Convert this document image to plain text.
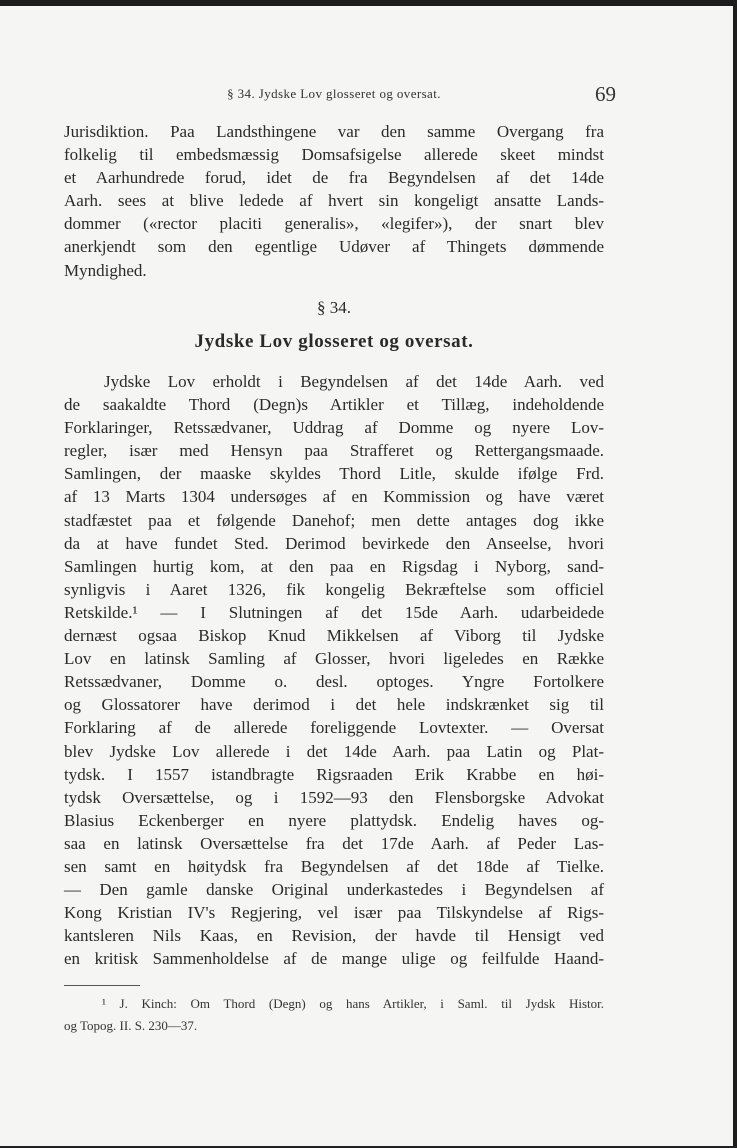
§ 34. Jydske Lov glosseret og oversat.	69
Jurisdiktion. Paa Landsthingene var den samme Overgang fra
folkelig til embedsmæssig Domsafsigelse allerede skeet mindst
et Aarhundrede forud, idet de fra Begyndelsen af det 14de
Aarh. sees at blive ledede af hvert sin kongeligt ansatte Lands-
dommer («rector placiti generalis», «legifer»), der snart blev
anerkjendt som den egentlige Udøver af Thingets dømmende
Myndighed.
§ 34.
Jydske Lov glosseret og oversat.
Jydske Lov erholdt i Begyndelsen af det 14de Aarh. ved
de saakaldte Thord (Degn)s Artikler et Tillæg, indeholdende
Forklaringer, Retssædvaner, Uddrag af Domme og nyere Lov-
regler, især med Hensyn paa Strafferet og Rettergangsmaade.
Samlingen, der maaske skyldes Thord Litle, skulde ifølge Frd.
af 13 Marts 1304 undersøges af en Kommission og have været
stadfæstet paa et følgende Danehof; men dette antages dog ikke
da at have fundet Sted. Derimod bevirkede den Anseelse, hvori
Samlingen hurtig kom, at den paa en Rigsdag i Nyborg, sand-
synligvis i Aaret 1326, fik kongelig Bekræftelse som officiel
Retskilde.¹ — I Slutningen af det 15de Aarh. udarbeidede
dernæst ogsaa Biskop Knud Mikkelsen af Viborg til Jydske
Lov en latinsk Samling af Glosser, hvori ligeledes en Række
Retssædvaner, Domme o. desl. optoges. Yngre Fortolkere
og Glossatorer have derimod i det hele indskrænket sig til
Forklaring af de allerede foreliggende Lovtexter. — Oversat
blev Jydske Lov allerede i det 14de Aarh. paa Latin og Plat-
tydsk. I 1557 istandbragte Rigsraaden Erik Krabbe en høi-
tydsk Oversættelse, og i 1592—93 den Flensborgske Advokat
Blasius Eckenberger en nyere plattydsk. Endelig haves og-
saa en latinsk Oversættelse fra det 17de Aarh. af Peder Las-
sen samt en høitydsk fra Begyndelsen af det 18de af Tielke.
— Den gamle danske Original underkastedes i Begyndelsen af
Kong Kristian IV's Regjering, vel især paa Tilskyndelse af Rigs-
kantsleren Nils Kaas, en Revision, der havde til Hensigt ved
en kritisk Sammenholdelse af de mange ulige og feilfulde Haand-
¹ J. Kinch: Om Thord (Degn) og hans Artikler, i Saml. til Jydsk Histor.
og Topog. II. S. 230—37.
